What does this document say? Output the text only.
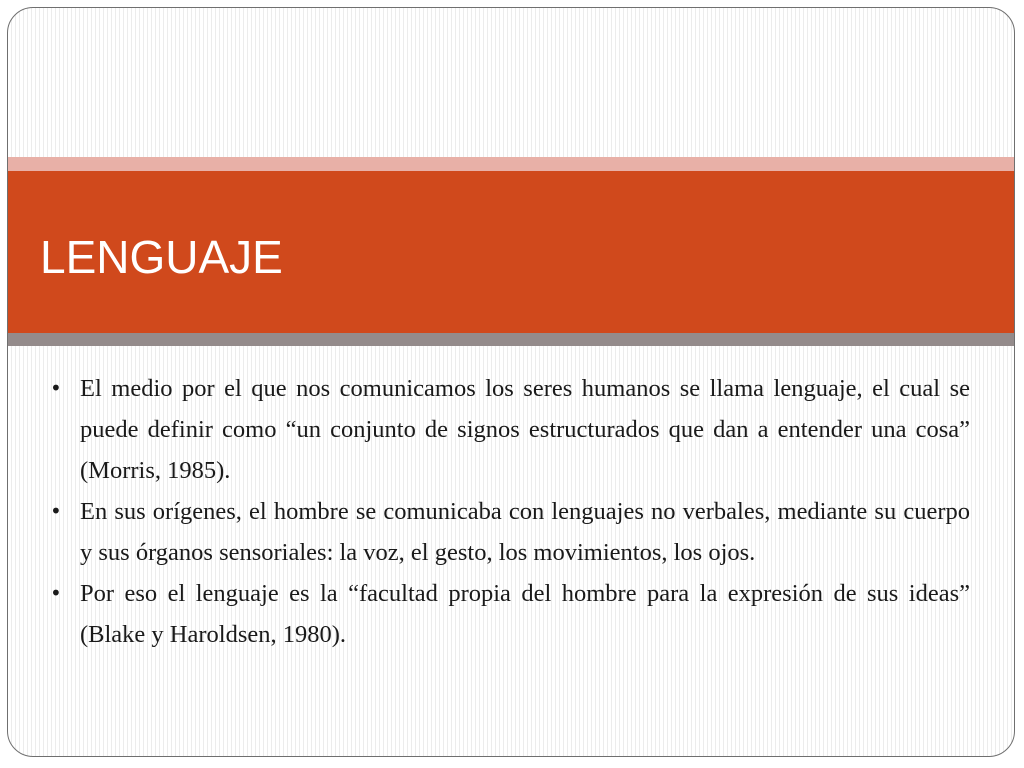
LENGUAJE
• El medio por el que nos comunicamos los seres humanos se llama lenguaje, el cual se puede definir como “un conjunto de signos estructurados que dan a entender una cosa” (Morris, 1985).
• En sus orígenes, el hombre se comunicaba con lenguajes no verbales, mediante su cuerpo y sus órganos sensoriales: la voz, el gesto, los movimientos, los ojos.
• Por eso el lenguaje es la “facultad propia del hombre para la expresión de sus ideas” (Blake y Haroldsen, 1980).
